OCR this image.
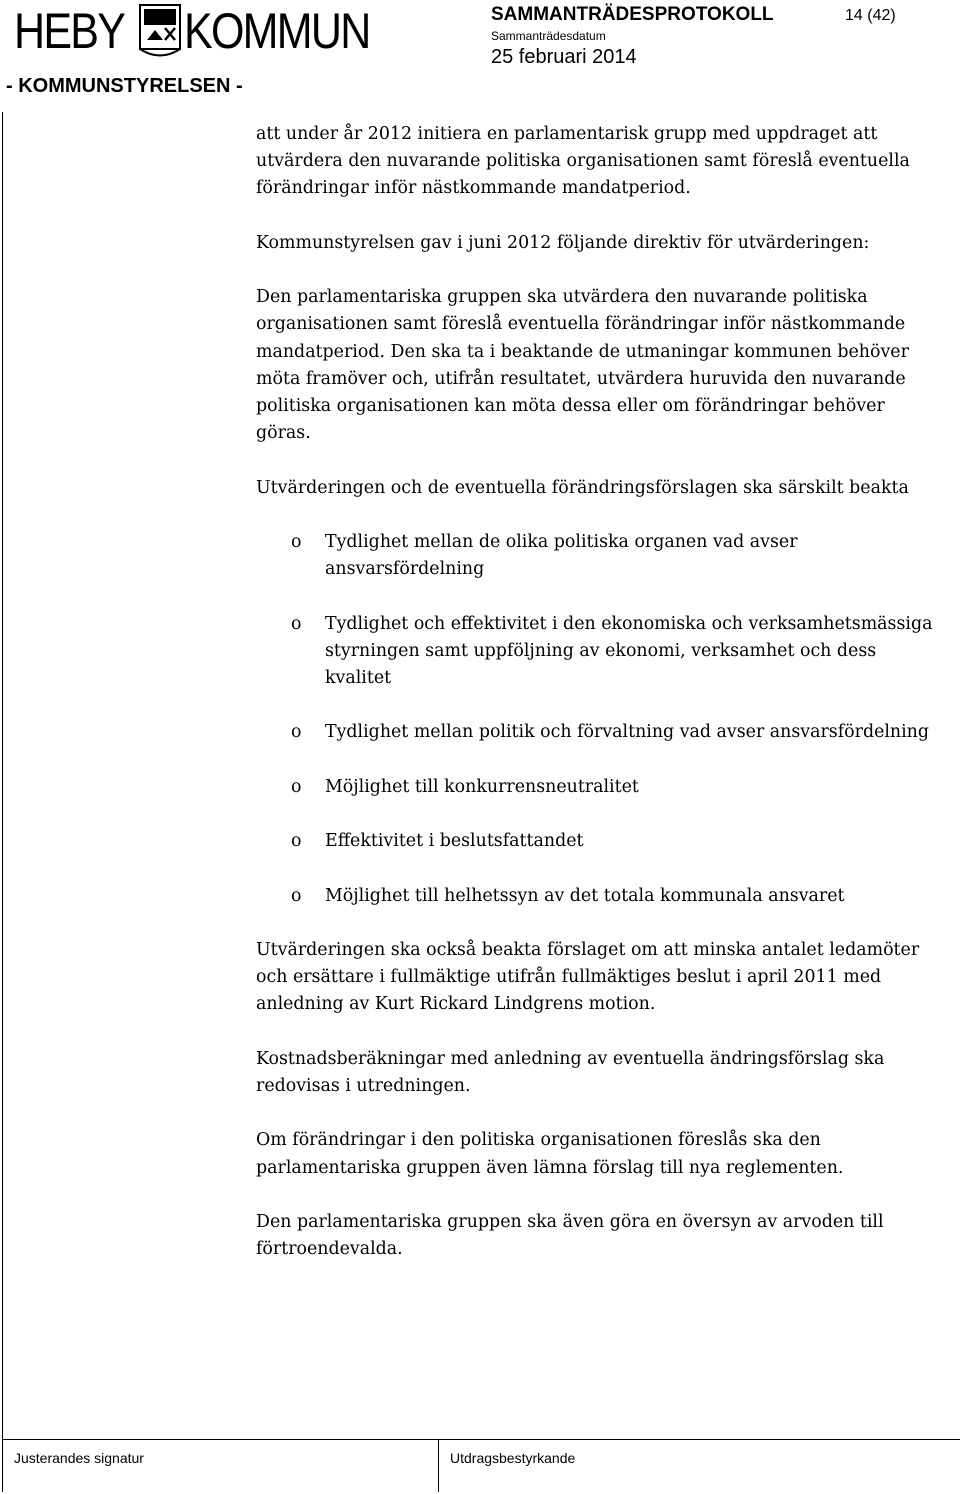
HEBY KOMMUN
- KOMMUNSTYRELSEN -
SAMMANTRÄDESPROTOKOLL	14 (42)
Sammanträdesdatum
25 februari 2014

att under år 2012 initiera en parlamentarisk grupp med uppdraget att utvärdera den nuvarande politiska organisationen samt föreslå eventuella förändringar inför nästkommande mandatperiod.

Kommunstyrelsen gav i juni 2012 följande direktiv för utvärderingen:

Den parlamentariska gruppen ska utvärdera den nuvarande politiska organisationen samt föreslå eventuella förändringar inför nästkommande mandatperiod. Den ska ta i beaktande de utmaningar kommunen behöver möta framöver och, utifrån resultatet, utvärdera huruvida den nuvarande politiska organisationen kan möta dessa eller om förändringar behöver göras.

Utvärderingen och de eventuella förändringsförslagen ska särskilt beakta

o Tydlighet mellan de olika politiska organen vad avser ansvarsfördelning
o Tydlighet och effektivitet i den ekonomiska och verksamhetsmässiga styrningen samt uppföljning av ekonomi, verksamhet och dess kvalitet
o Tydlighet mellan politik och förvaltning vad avser ansvarsfördelning
o Möjlighet till konkurrensneutralitet
o Effektivitet i beslutsfattandet
o Möjlighet till helhetssyn av det totala kommunala ansvaret

Utvärderingen ska också beakta förslaget om att minska antalet ledamöter och ersättare i fullmäktige utifrån fullmäktiges beslut i april 2011 med anledning av Kurt Rickard Lindgrens motion.

Kostnadsberäkningar med anledning av eventuella ändringsförslag ska redovisas i utredningen.

Om förändringar i den politiska organisationen föreslås ska den parlamentariska gruppen även lämna förslag till nya reglementen.

Den parlamentariska gruppen ska även göra en översyn av arvoden till förtroendevalda.

Justerandes signatur	Utdragsbestyrkande
